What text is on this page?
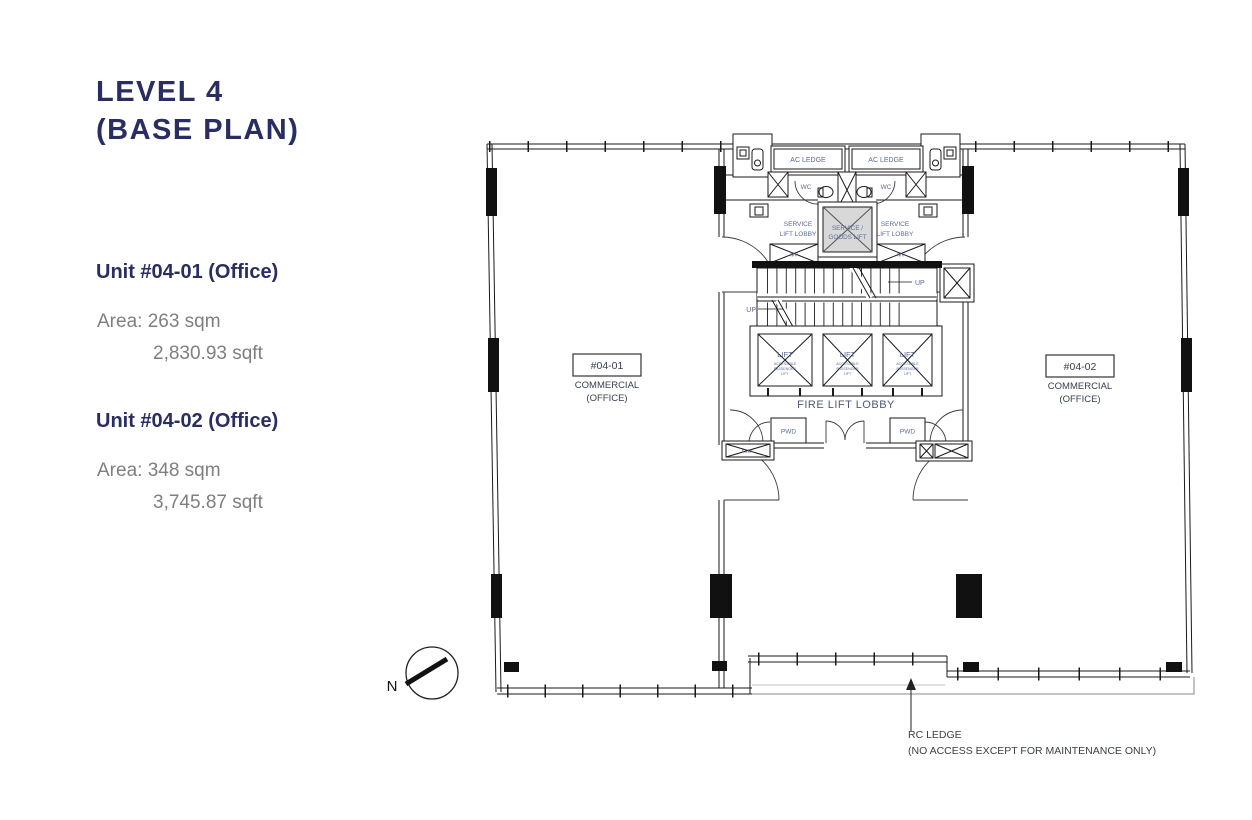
LEVEL 4
(BASE PLAN)
Unit #04-01 (Office)
Area: 263 sqm
2,830.93 sqft
Unit #04-02 (Office)
Area: 348 sqm
3,745.87 sqft
AC LEDGE	AC LEDGE
WC	WC
SERVICE
LIFT LOBBY
SERVICE
LIFT LOBBY
SERVICE /
GOODS LIFT
MV	MV
UP
UP
LIFT	LIFT	LIFT
ACCESSIBLE
PASSENGER
LIFT
ACCESSIBLE
PASSENGER
LIFT
ACCESSIBLE
PASSENGER
LIFT
FIRE LIFT LOBBY
PWD	PWD
ELEC
#04-01
COMMERCIAL
(OFFICE)
#04-02
COMMERCIAL
(OFFICE)
N
RC LEDGE
(NO ACCESS EXCEPT FOR MAINTENANCE ONLY)
